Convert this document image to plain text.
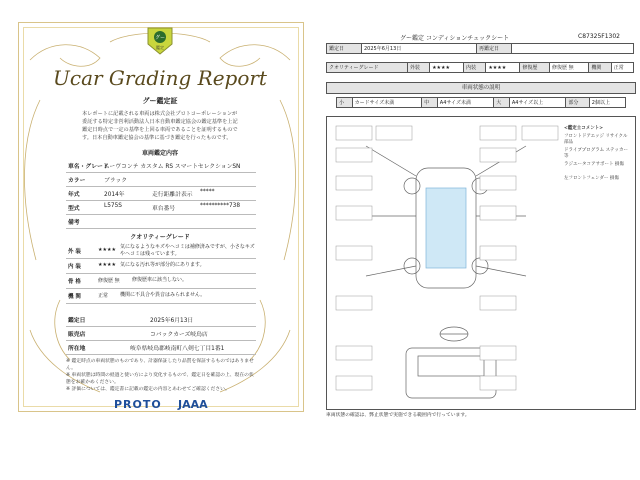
グー
鑑定
Ucar Grading Report
グー鑑定証
本レポートに記載される車両は株式会社プロトコーポレーションが委託する特定非営利活動法人日本自動車鑑定協会の鑑定基準を上記鑑定日時点で一定の基準を上回る車両であることを証明するものです。日本自動車鑑定協会の基準に基づき鑑定を行ったものです。
車両鑑定内容
車名・グレード
ムーヴコンテ カスタム RS スマートセレクションSN
カラー	ブラック
年式	2014年	走行距離計表示 *****
型式	L575S	車台番号	**********738
備考
クオリティーグレード
外 装	★★★★ 気になるようなキズやヘコミは補修済みですが、小さなキズやヘコミは残っています。
内 装	★★★★ 気になる汚れ等が部分的にあります。
骨 格	修復歴 無 修復歴車に該当しない。
機 関	正常 機関に不具合や異音はみられません。
鑑定日	2025年6月13日
販売店	コバックカーズ岐鳥店
所在地	岐阜県岐鳥郡岐南町八剣七丁目1番1
※ 鑑定時点の車両状態のものであり、計器保証したり品質を保証するものではありません。
※ 車両状態は時間の経過と使い方により変化するもので、鑑定日を確認の上、現在の状態をお確かめください。
※ 評価については、鑑定書に記載の鑑定の内容とあわせてご確認ください。
PROTO JAAA
グー鑑定 コンディションチェックシート	C87325F1302
鑑定日	2025年6月13日	再鑑定日	
クオリティーグレード	外装	★★★★	内装	★★★★	修復歴	修復歴 無	機関	正常
車両状態の説明
小	カードサイズ未満	中	A4サイズ未満	大	A4サイズ以上	部分	2個以上
<鑑定士コメント>
フロントドアエッジ リサイクル部品
ドライブプログラム ステッカー等
ラジエータコアサポート 損傷
左フロントフェンダー 損傷
車両状態の確認は、弊止状態で実施できる範囲内で行っています。
